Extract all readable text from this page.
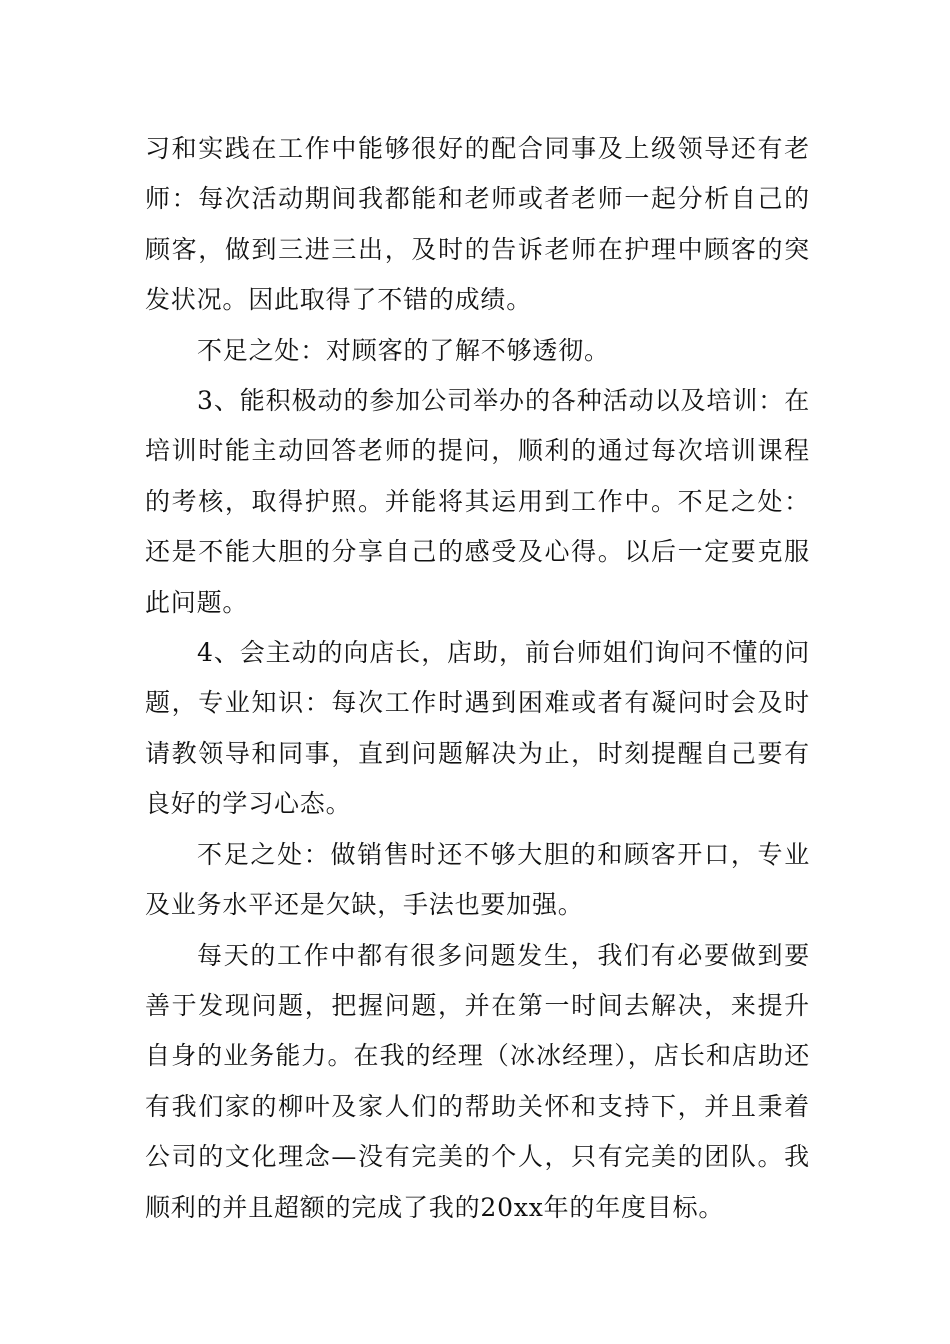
习和实践在工作中能够很好的配合同事及上级领导还有老师：每次活动期间我都能和老师或者老师一起分析自己的顾客，做到三进三出，及时的告诉老师在护理中顾客的突发状况。因此取得了不错的成绩。

不足之处：对顾客的了解不够透彻。

3、能积极动的参加公司举办的各种活动以及培训：在培训时能主动回答老师的提问，顺利的通过每次培训课程的考核，取得护照。并能将其运用到工作中。不足之处：还是不能大胆的分享自己的感受及心得。以后一定要克服此问题。

4、会主动的向店长，店助，前台师姐们询问不懂的问题，专业知识：每次工作时遇到困难或者有凝问时会及时请教领导和同事，直到问题解决为止，时刻提醒自己要有良好的学习心态。

不足之处：做销售时还不够大胆的和顾客开口，专业及业务水平还是欠缺，手法也要加强。

每天的工作中都有很多问题发生，我们有必要做到要善于发现问题，把握问题，并在第一时间去解决，来提升自身的业务能力。在我的经理（冰冰经理），店长和店助还有我们家的柳叶及家人们的帮助关怀和支持下，并且秉着公司的文化理念—没有完美的个人，只有完美的团队。我顺利的并且超额的完成了我的20xx年的年度目标。
